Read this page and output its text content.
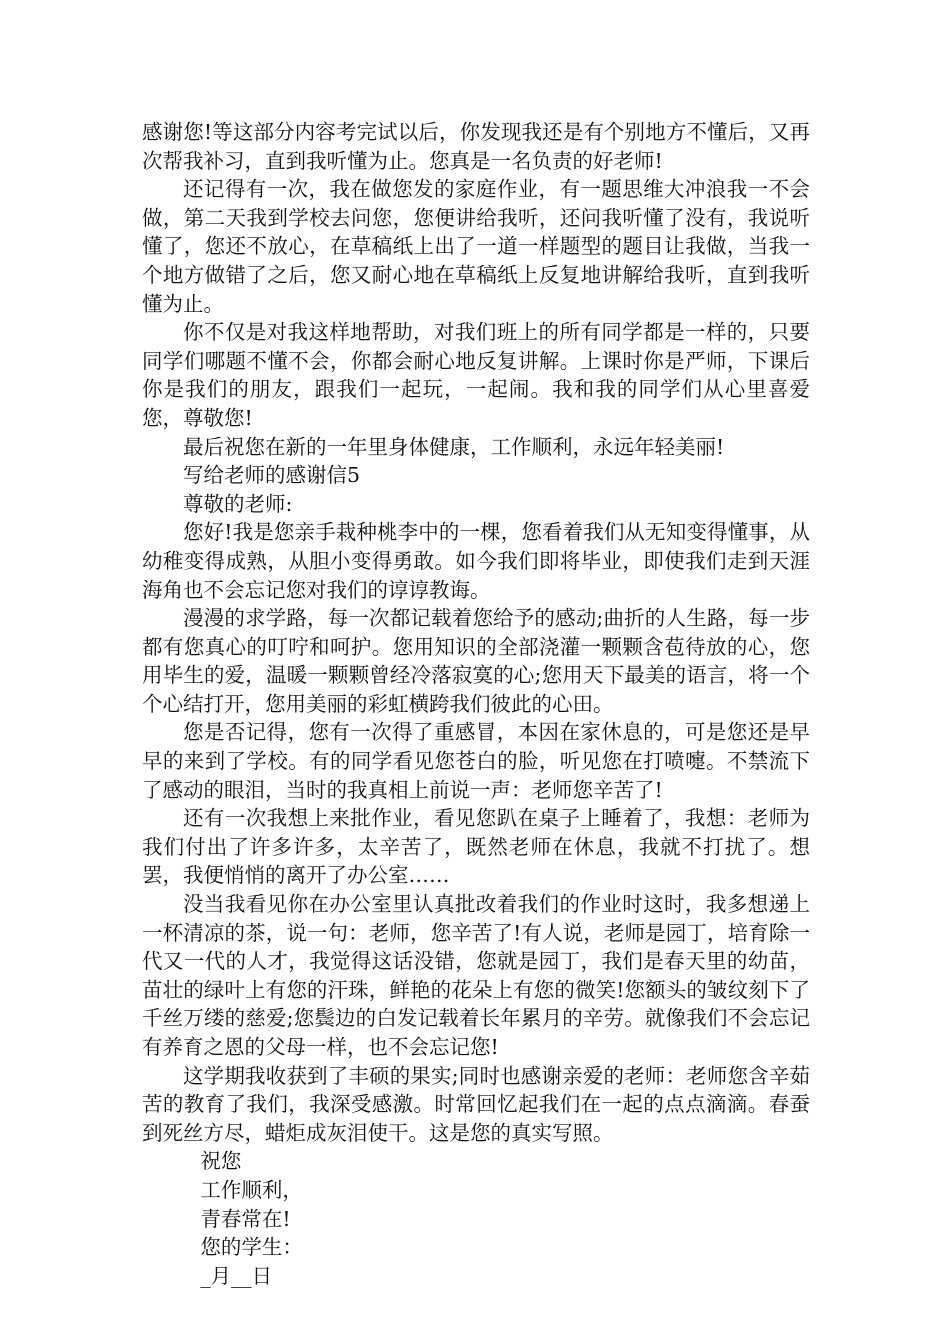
感谢您!等这部分内容考完试以后，你发现我还是有个别地方不懂后，又再次帮我补习，直到我听懂为止。您真是一名负责的好老师!

还记得有一次，我在做您发的家庭作业，有一题思维大冲浪我一不会做，第二天我到学校去问您，您便讲给我听，还问我听懂了没有，我说听懂了，您还不放心，在草稿纸上出了一道一样题型的题目让我做，当我一个地方做错了之后，您又耐心地在草稿纸上反复地讲解给我听，直到我听懂为止。

你不仅是对我这样地帮助，对我们班上的所有同学都是一样的，只要同学们哪题不懂不会，你都会耐心地反复讲解。上课时你是严师，下课后你是我们的朋友，跟我们一起玩，一起闹。我和我的同学们从心里喜爱您，尊敬您!

最后祝您在新的一年里身体健康，工作顺利，永远年轻美丽!

写给老师的感谢信5

尊敬的老师:

您好!我是您亲手栽种桃李中的一棵，您看着我们从无知变得懂事，从幼稚变得成熟，从胆小变得勇敢。如今我们即将毕业，即使我们走到天涯海角也不会忘记您对我们的谆谆教诲。

漫漫的求学路，每一次都记载着您给予的感动;曲折的人生路，每一步都有您真心的叮咛和呵护。您用知识的全部浇灌一颗颗含苞待放的心，您用毕生的爱，温暖一颗颗曾经冷落寂寞的心;您用天下最美的语言，将一个个心结打开，您用美丽的彩虹横跨我们彼此的心田。

您是否记得，您有一次得了重感冒，本因在家休息的，可是您还是早早的来到了学校。有的同学看见您苍白的脸，听见您在打喷嚏。不禁流下了感动的眼泪，当时的我真相上前说一声：老师您辛苦了!

还有一次我想上来批作业，看见您趴在桌子上睡着了，我想：老师为我们付出了许多许多，太辛苦了，既然老师在休息，我就不打扰了。想罢，我便悄悄的离开了办公室……

没当我看见你在办公室里认真批改着我们的作业时这时，我多想递上一杯清凉的茶，说一句：老师，您辛苦了!有人说，老师是园丁，培育除一代又一代的人才，我觉得这话没错，您就是园丁，我们是春天里的幼苗，苗壮的绿叶上有您的汗珠，鲜艳的花朵上有您的微笑!您额头的皱纹刻下了千丝万缕的慈爱;您鬓边的白发记载着长年累月的辛劳。就像我们不会忘记有养育之恩的父母一样，也不会忘记您!

这学期我收获到了丰硕的果实;同时也感谢亲爱的老师：老师您含辛茹苦的教育了我们，我深受感激。时常回忆起我们在一起的点点滴滴。春蚕到死丝方尽，蜡炬成灰泪使干。这是您的真实写照。

祝您

工作顺利，

青春常在!

您的学生：

_月__日
